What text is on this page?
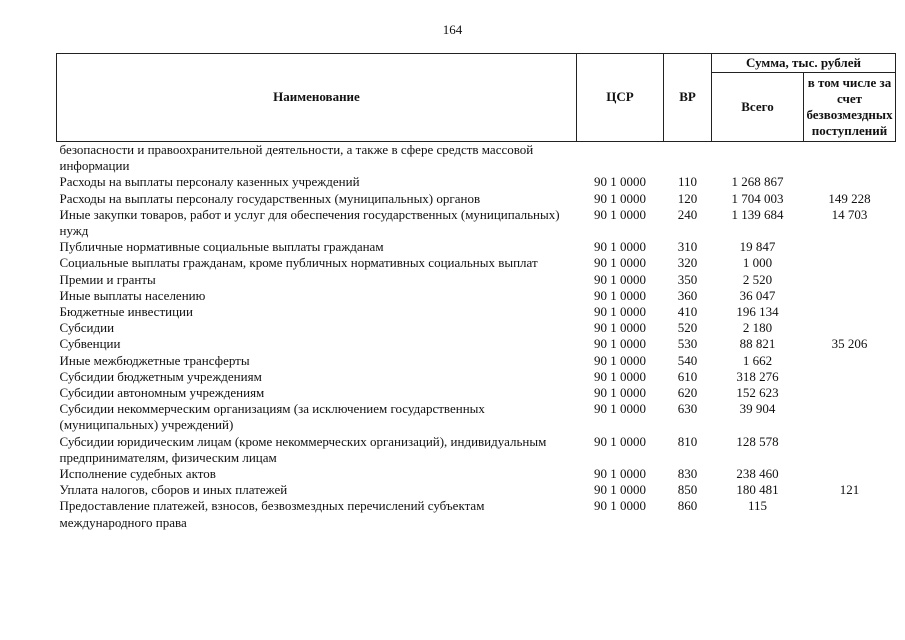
164
Наименование	ЦСР	ВР	Сумма, тыс. рублей	
			Всего	в том числе за счет безвозмездных поступлений
безопасности и правоохранительной деятельности, а также в сфере средств массовой информации				
Расходы на выплаты персоналу казенных учреждений	90 1 0000	110	1 268 867	
Расходы на выплаты персоналу государственных (муниципальных) органов	90 1 0000	120	1 704 003	149 228
Иные закупки товаров, работ и услуг для обеспечения государственных (муниципальных) нужд	90 1 0000	240	1 139 684	14 703
Публичные нормативные социальные выплаты гражданам	90 1 0000	310	19 847	
Социальные выплаты гражданам, кроме публичных нормативных социальных выплат	90 1 0000	320	1 000	
Премии и гранты	90 1 0000	350	2 520	
Иные выплаты населению	90 1 0000	360	36 047	
Бюджетные инвестиции	90 1 0000	410	196 134	
Субсидии	90 1 0000	520	2 180	
Субвенции	90 1 0000	530	88 821	35 206
Иные межбюджетные трансферты	90 1 0000	540	1 662	
Субсидии бюджетным учреждениям	90 1 0000	610	318 276	
Субсидии автономным учреждениям	90 1 0000	620	152 623	
Субсидии некоммерческим организациям (за исключением государственных (муниципальных) учреждений)	90 1 0000	630	39 904	
Субсидии юридическим лицам (кроме некоммерческих организаций), индивидуальным предпринимателям, физическим лицам	90 1 0000	810	128 578	
Исполнение судебных актов	90 1 0000	830	238 460	
Уплата налогов, сборов и иных платежей	90 1 0000	850	180 481	121
Предоставление платежей, взносов, безвозмездных перечислений субъектам международного права	90 1 0000	860	115	
